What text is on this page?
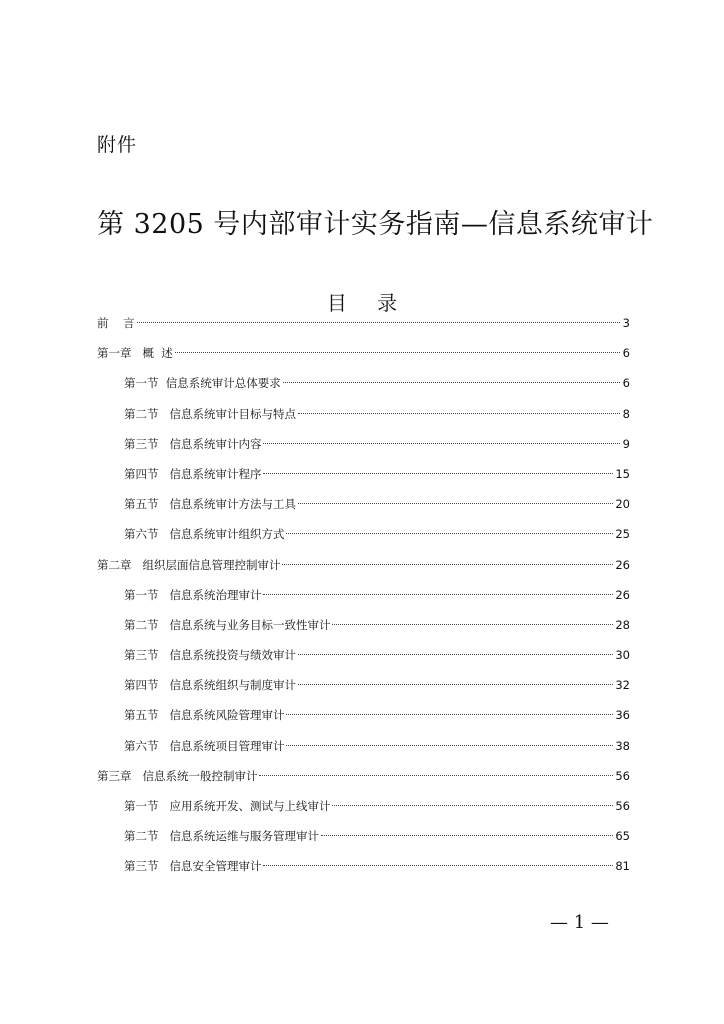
附件
第 3205 号内部审计实务指南—信息系统审计
目 录
前    言	3
第一章   概  述	6
第一节  信息系统审计总体要求	6
第二节   信息系统审计目标与特点	8
第三节   信息系统审计内容	9
第四节   信息系统审计程序	15
第五节   信息系统审计方法与工具	20
第六节   信息系统审计组织方式	25
第二章   组织层面信息管理控制审计	26
第一节   信息系统治理审计	26
第二节   信息系统与业务目标一致性审计	28
第三节   信息系统投资与绩效审计	30
第四节   信息系统组织与制度审计	32
第五节   信息系统风险管理审计	36
第六节   信息系统项目管理审计	38
第三章   信息系统一般控制审计	56
第一节   应用系统开发、测试与上线审计	56
第二节   信息系统运维与服务管理审计	65
第三节   信息安全管理审计	81
— 1 —
